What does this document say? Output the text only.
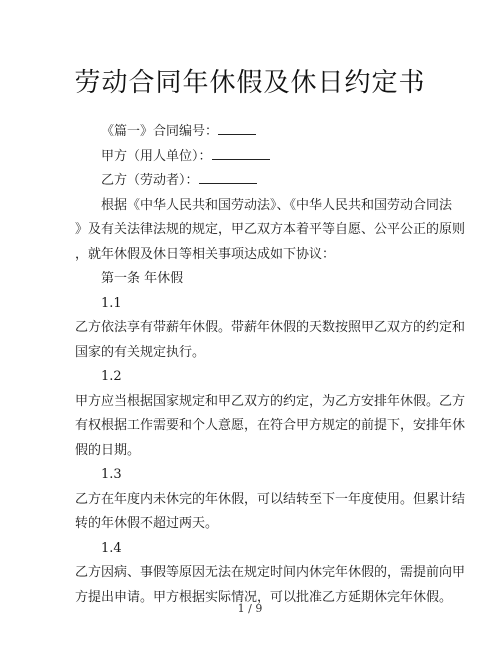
劳动合同年休假及休日约定书
《篇一》合同编号：
甲方（用人单位）：
乙方（劳动者）：
根据《中华人民共和国劳动法》、《中华人民共和国劳动合同法
》及有关法律法规的规定，甲乙双方本着平等自愿、公平公正的原则
，就年休假及休日等相关事项达成如下协议：
第一条 年休假
1.1
乙方依法享有带薪年休假。带薪年休假的天数按照甲乙双方的约定和
国家的有关规定执行。
1.2
甲方应当根据国家规定和甲乙双方的约定，为乙方安排年休假。乙方
有权根据工作需要和个人意愿，在符合甲方规定的前提下，安排年休
假的日期。
1.3
乙方在年度内未休完的年休假，可以结转至下一年度使用。但累计结
转的年休假不超过两天。
1.4
乙方因病、事假等原因无法在规定时间内休完年休假的，需提前向甲
方提出申请。甲方根据实际情况，可以批准乙方延期休完年休假。
1 / 9
